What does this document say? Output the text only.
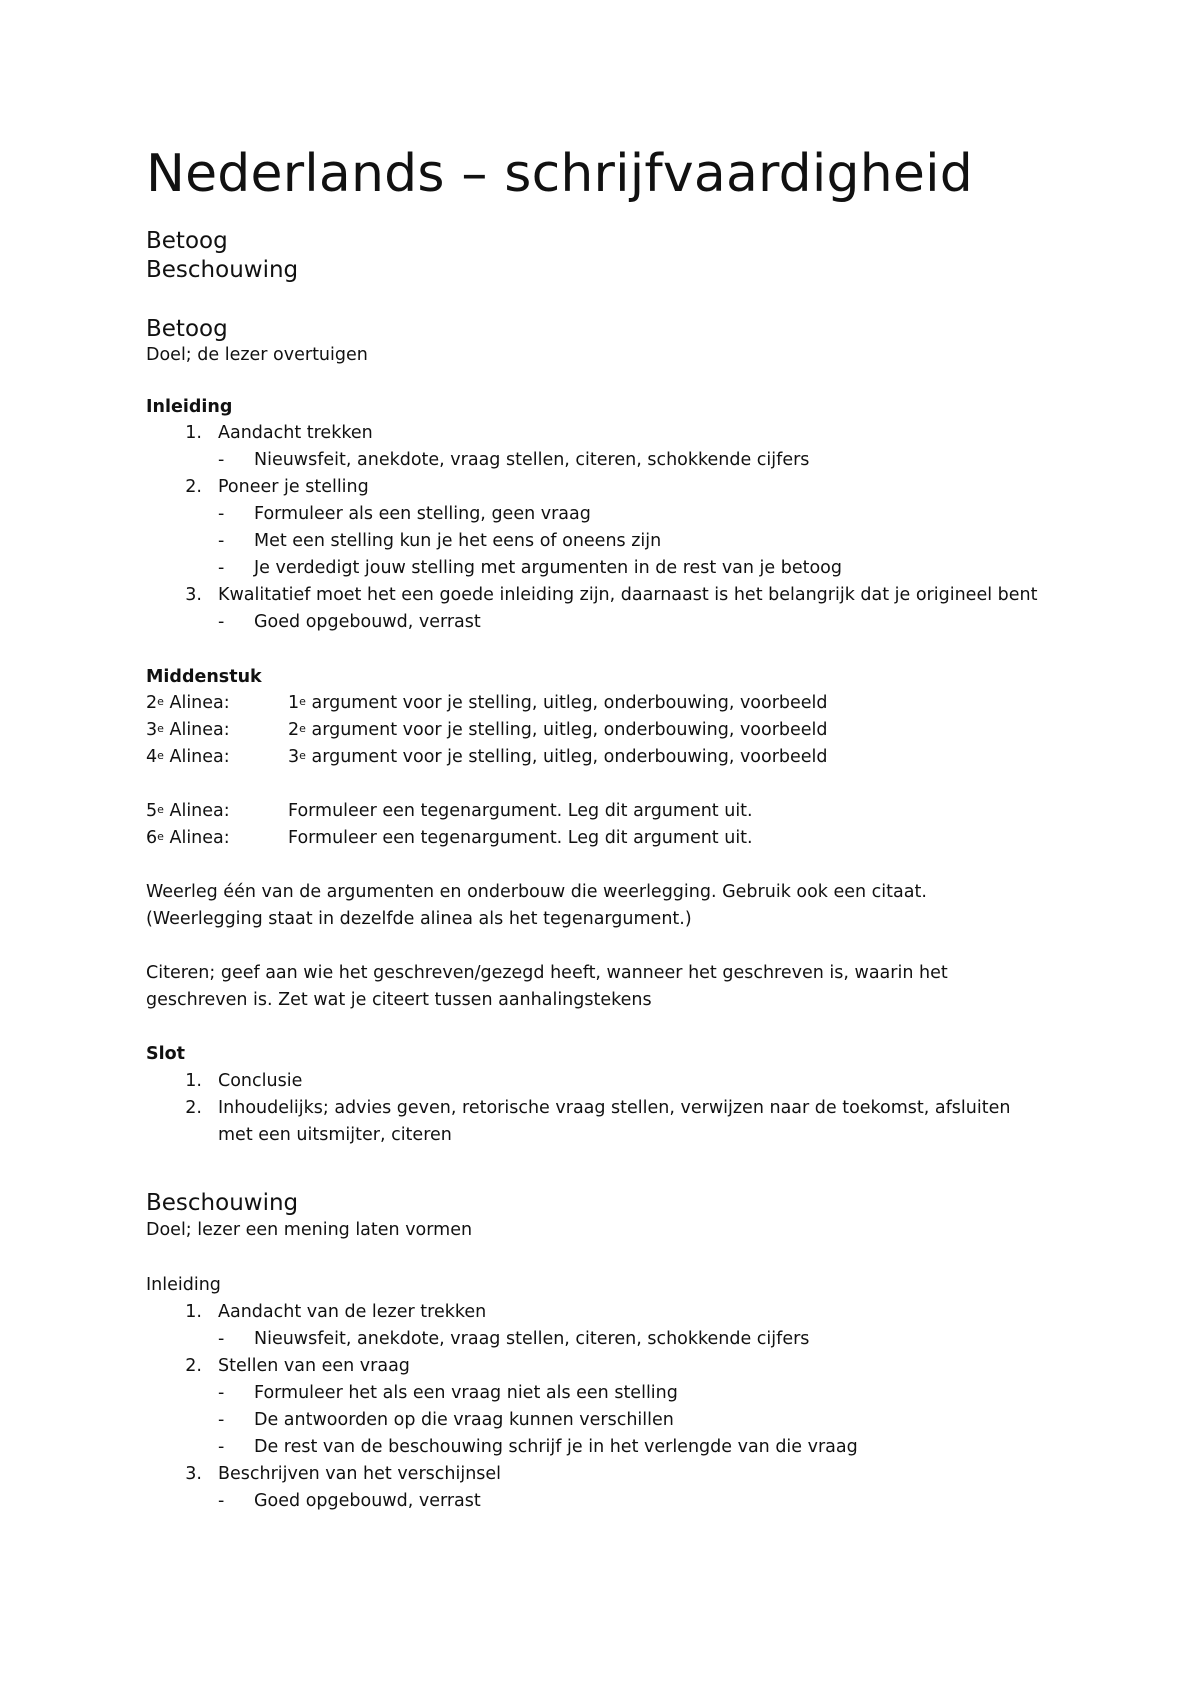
Nederlands – schrijfvaardigheid
Betoog
Beschouwing
Betoog
Doel; de lezer overtuigen
Inleiding
1. Aandacht trekken
- Nieuwsfeit, anekdote, vraag stellen, citeren, schokkende cijfers
2. Poneer je stelling
- Formuleer als een stelling, geen vraag
- Met een stelling kun je het eens of oneens zijn
- Je verdedigt jouw stelling met argumenten in de rest van je betoog
3. Kwalitatief moet het een goede inleiding zijn, daarnaast is het belangrijk dat je origineel bent
- Goed opgebouwd, verrast
Middenstuk
2e Alinea:	1e argument voor je stelling, uitleg, onderbouwing, voorbeeld
3e Alinea:	2e argument voor je stelling, uitleg, onderbouwing, voorbeeld
4e Alinea:	3e argument voor je stelling, uitleg, onderbouwing, voorbeeld
5e Alinea:	Formuleer een tegenargument. Leg dit argument uit.
6e Alinea:	Formuleer een tegenargument. Leg dit argument uit.
Weerleg één van de argumenten en onderbouw die weerlegging. Gebruik ook een citaat.
(Weerlegging staat in dezelfde alinea als het tegenargument.)
Citeren; geef aan wie het geschreven/gezegd heeft, wanneer het geschreven is, waarin het
geschreven is. Zet wat je citeert tussen aanhalingstekens
Slot
1. Conclusie
2. Inhoudelijks; advies geven, retorische vraag stellen, verwijzen naar de toekomst, afsluiten
met een uitsmijter, citeren
Beschouwing
Doel; lezer een mening laten vormen
Inleiding
1. Aandacht van de lezer trekken
- Nieuwsfeit, anekdote, vraag stellen, citeren, schokkende cijfers
2. Stellen van een vraag
- Formuleer het als een vraag niet als een stelling
- De antwoorden op die vraag kunnen verschillen
- De rest van de beschouwing schrijf je in het verlengde van die vraag
3. Beschrijven van het verschijnsel
- Goed opgebouwd, verrast
